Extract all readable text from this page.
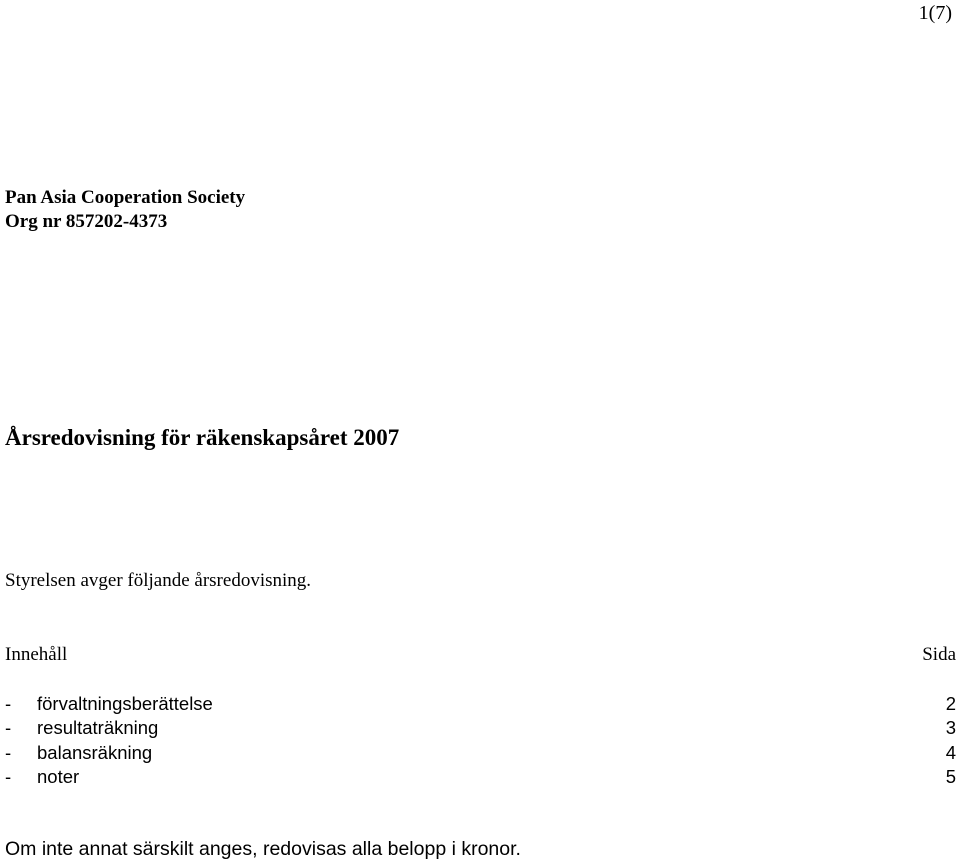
1(7)
Pan Asia Cooperation Society
Org nr 857202-4373
Årsredovisning för räkenskapsåret 2007
Styrelsen avger följande årsredovisning.
Innehåll	Sida
- förvaltningsberättelse	2
- resultaträkning	3
- balansräkning	4
- noter	5
Om inte annat särskilt anges, redovisas alla belopp i kronor.
